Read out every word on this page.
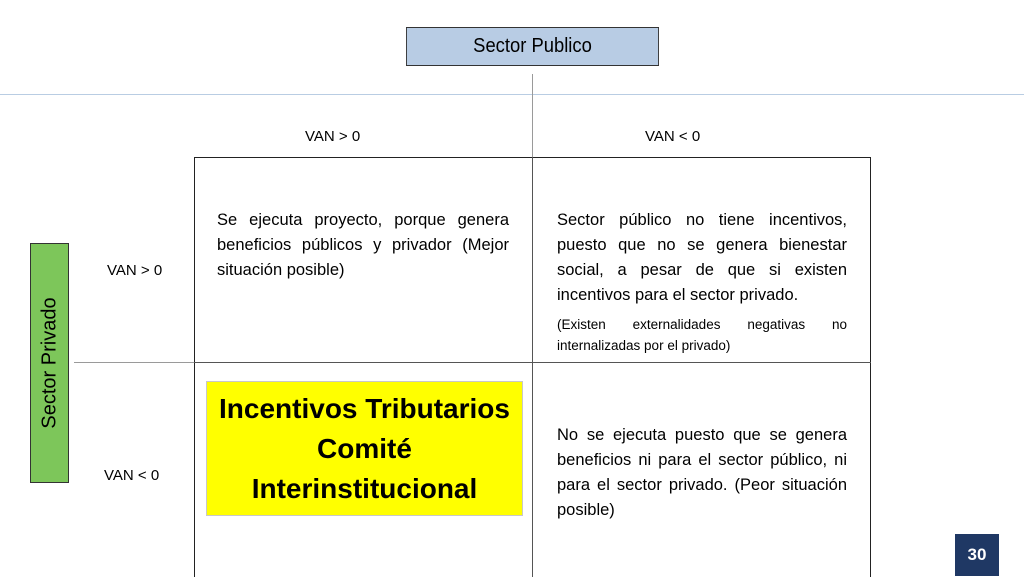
Sector Publico
Sector Privado
VAN > 0	VAN < 0
VAN > 0
VAN < 0
Se ejecuta proyecto, porque genera beneficios públicos y privador (Mejor situación posible)
Sector público no tiene incentivos, puesto que no se genera bienestar social, a pesar de que si existen incentivos para el sector privado.
(Existen externalidades negativas no internalizadas por el privado)
Incentivos Tributarios
Comité
Interinstitucional
No se ejecuta puesto que se genera beneficios ni para el sector público, ni para el sector privado. (Peor situación posible)
30
